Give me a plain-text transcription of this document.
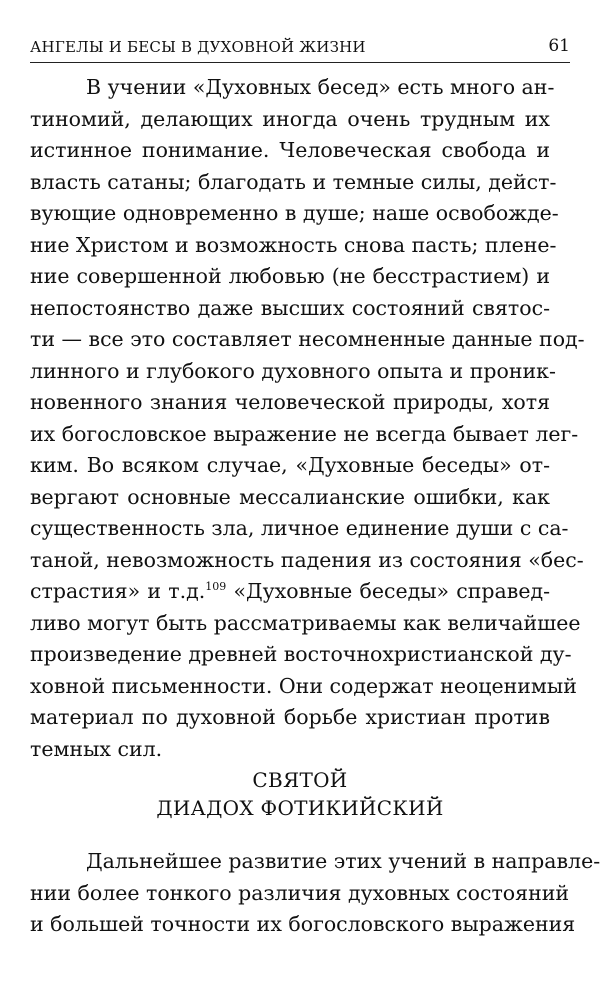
АНГЕЛЫ И БЕСЫ В ДУХОВНОЙ ЖИЗНИ	61
В учении «Духовных бесед» есть много ан-
тиномий, делающих иногда очень трудным их
истинное понимание. Человеческая свобода и
власть сатаны; благодать и темные силы, дейст-
вующие одновременно в душе; наше освобожде-
ние Христом и возможность снова пасть; плене-
ние совершенной любовью (не бесстрастием) и
непостоянство даже высших состояний святос-
ти — все это составляет несомненные данные под-
линного и глубокого духовного опыта и проник-
новенного знания человеческой природы, хотя
их богословское выражение не всегда бывает лег-
ким. Во всяком случае, «Духовные беседы» от-
вергают основные мессалианские ошибки, как
существенность зла, личное единение души с са-
таной, невозможность падения из состояния «бес-
страстия» и т.д.$^{109}$ «Духовные беседы» справед-
ливо могут быть рассматриваемы как величайшее
произведение древней восточнохристианской ду-
ховной письменности. Они содержат неоценимый
материал по духовной борьбе христиан против
темных сил.
СВЯТОЙ
ДИАДОХ ФОТИКИЙСКИЙ
Дальнейшее развитие этих учений в направле-
нии более тонкого различия духовных состояний
и большей точности их богословского выражения
